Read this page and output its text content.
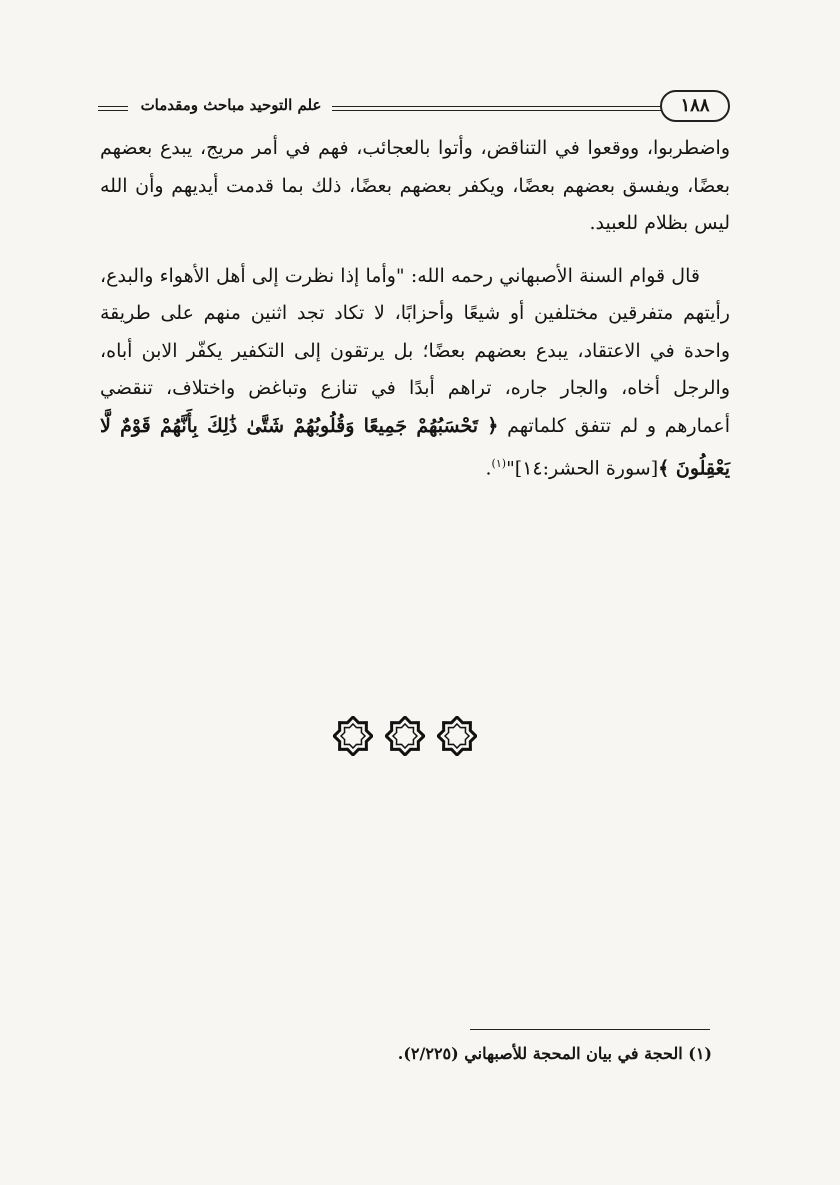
علم التوحيد مباحث ومقدمات	١٨٨

واضطربوا، ووقعوا في التناقض، وأتوا بالعجائب، فهم في أمر مريج، يبدع بعضهم بعضًا، ويفسق بعضهم بعضًا، ويكفر بعضهم بعضًا، ذلك بما قدمت أيديهم وأن الله ليس بظلام للعبيد.

قال قوام السنة الأصبهاني رحمه الله: "وأما إذا نظرت إلى أهل الأهواء والبدع، رأيتهم متفرقين مختلفين أو شيعًا وأحزابًا، لا تكاد تجد اثنين منهم على طريقة واحدة في الاعتقاد، يبدع بعضهم بعضًا؛ بل يرتقون إلى التكفير يكفّر الابن أباه، والرجل أخاه، والجار جاره، تراهم أبدًا في تنازع وتباغض واختلاف، تنقضي أعمارهم و لم تتفق كلماتهم ﴿ تَحْسَبُهُمْ جَمِيعًا وَقُلُوبُهُمْ شَتَّىٰ ذَٰلِكَ بِأَنَّهُمْ قَوْمٌ لَّا يَعْقِلُونَ ﴾[سورة الحشر:١٤]"$^{(١)}$.

(١) الحجة في بيان المحجة للأصبهاني (٢/٢٢٥).
